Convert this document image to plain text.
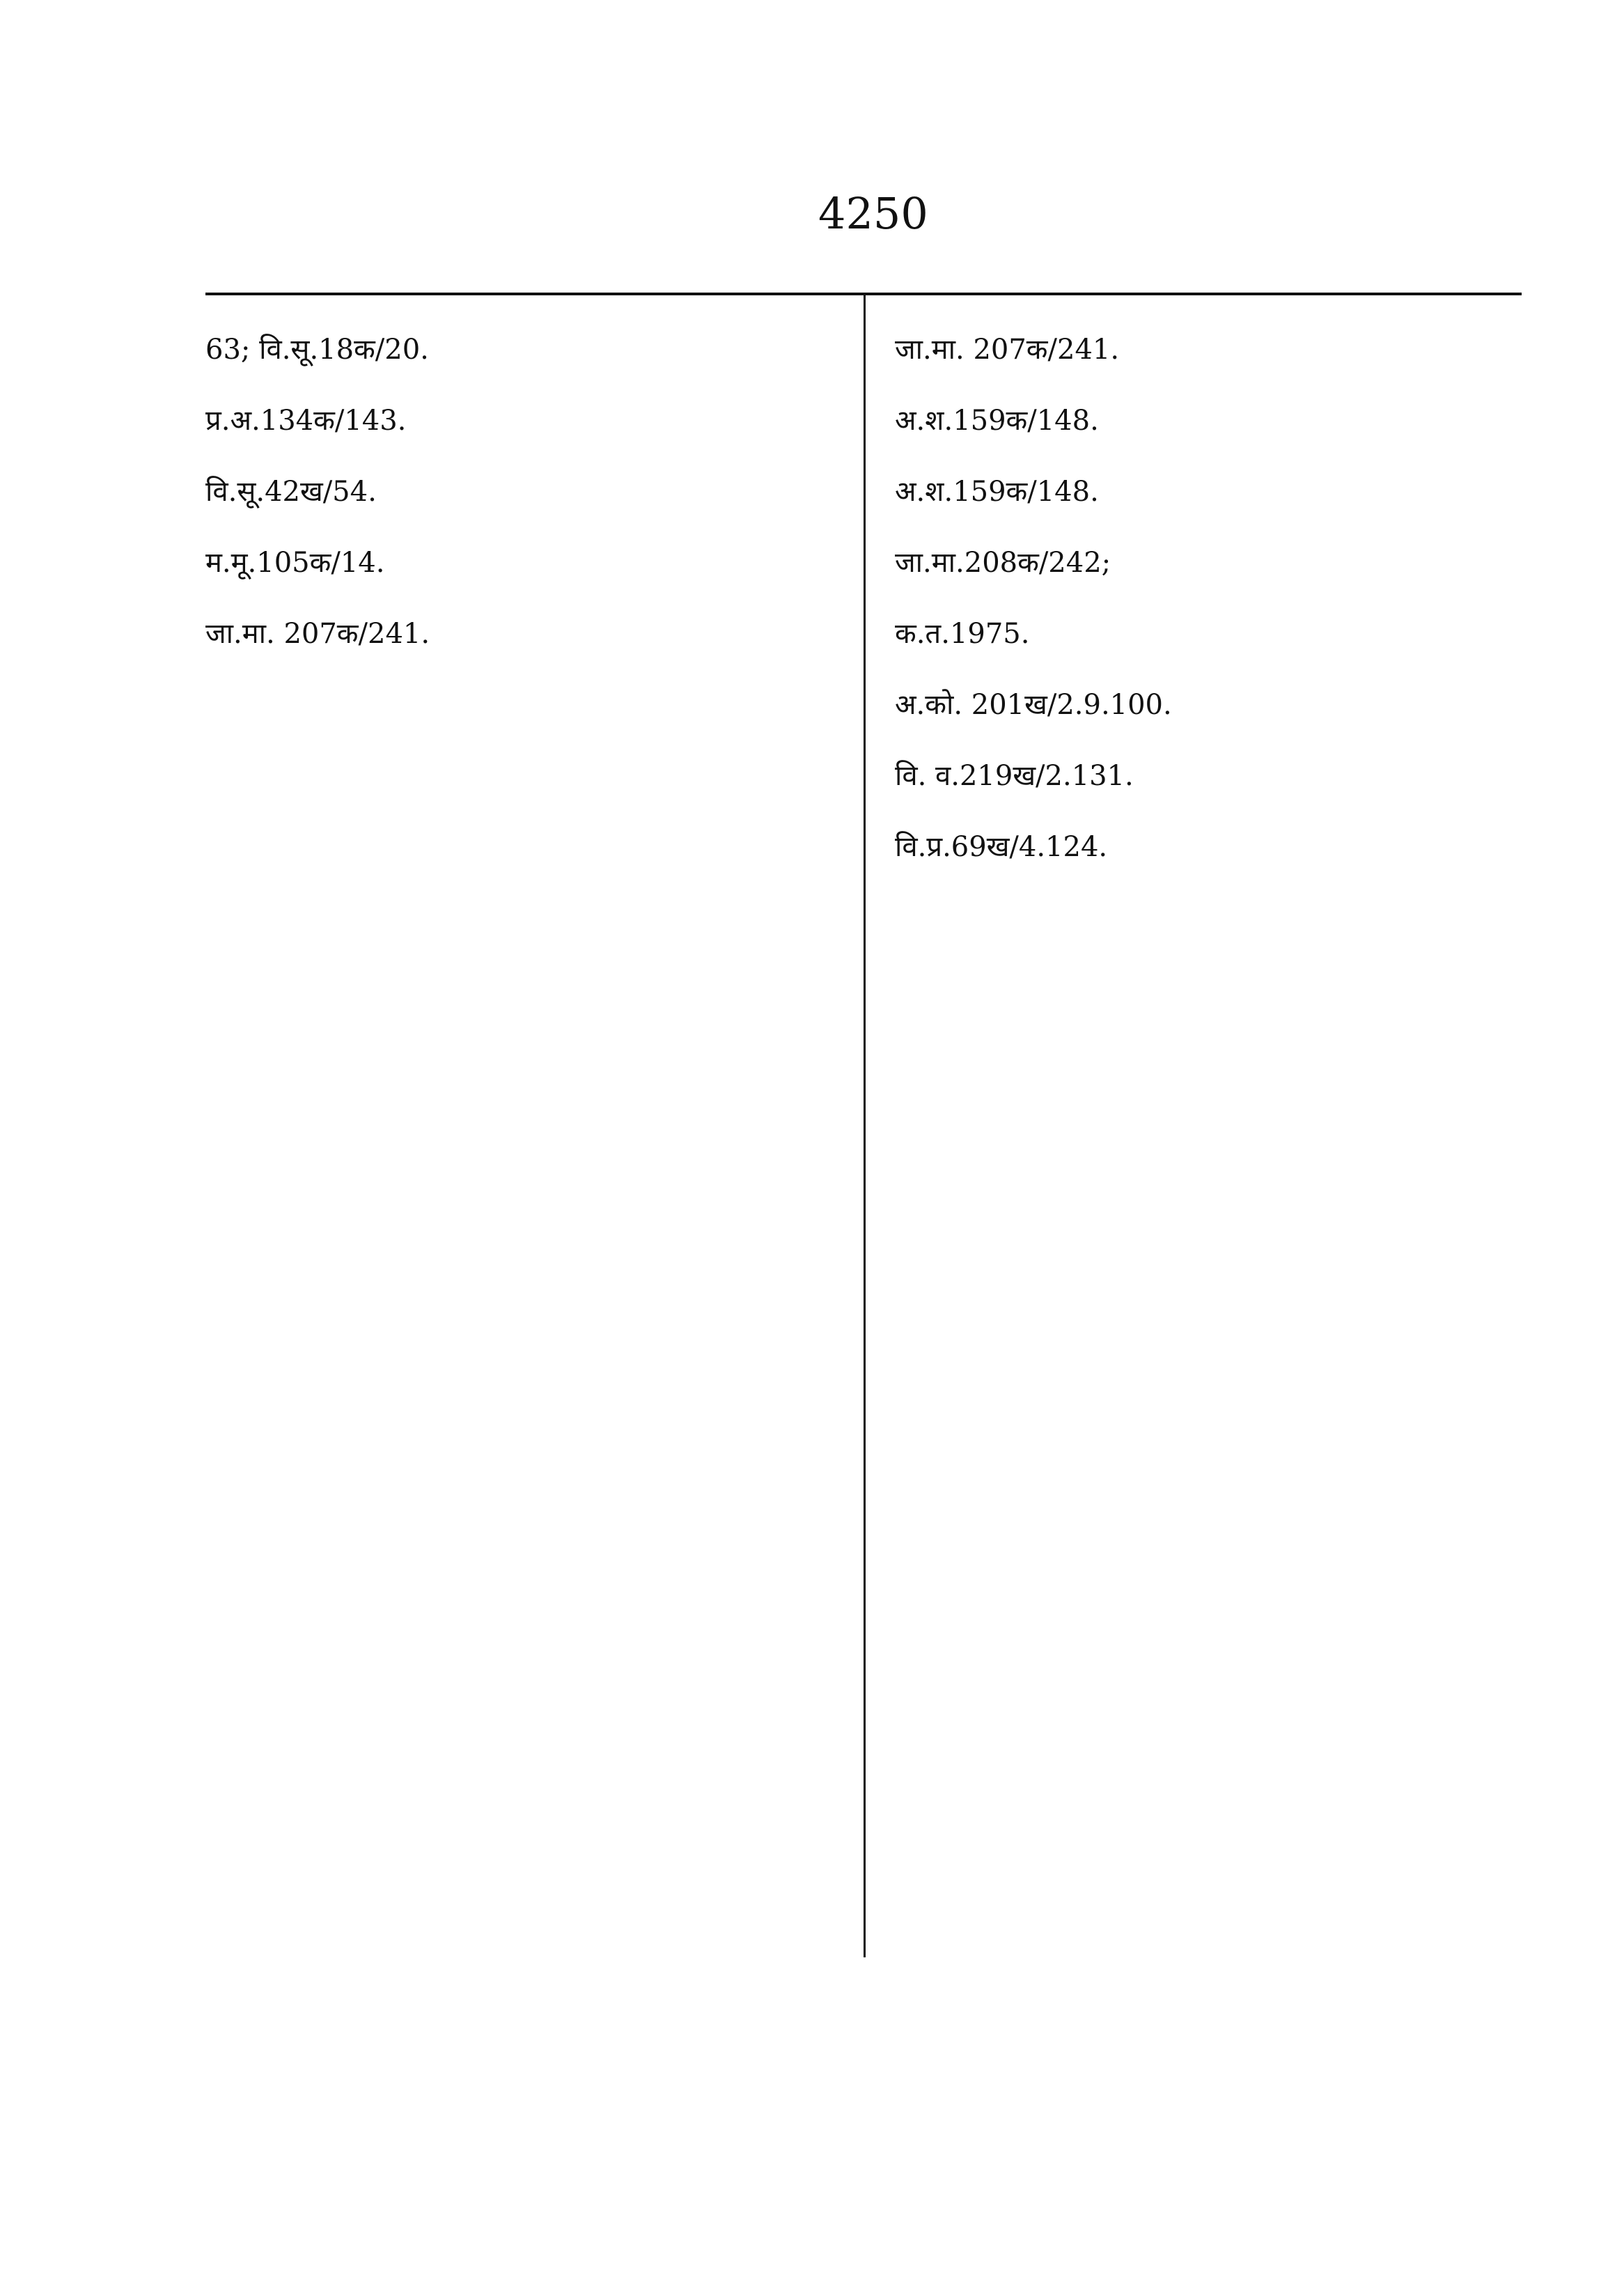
4250
63; वि.सू.18क/20.
प्र.अ.134क/143.
वि.सू.42ख/54.
म.मू.105क/14.
जा.मा. 207क/241.
जा.मा. 207क/241.
अ.श.159क/148.
अ.श.159क/148.
जा.मा.208क/242;
क.त.1975.
अ.को. 201ख/2.9.100.
वि. व.219ख/2.131.
वि.प्र.69ख/4.124.
